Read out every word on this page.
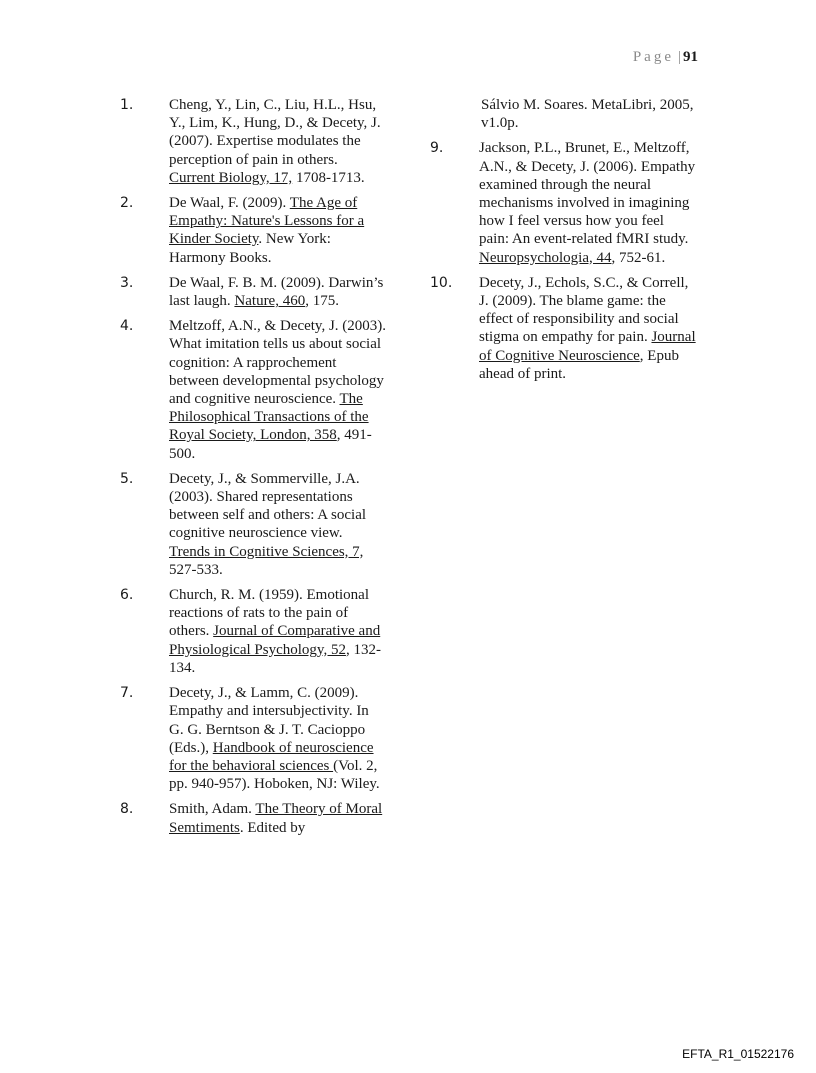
Page | 91
1. Cheng, Y., Lin, C., Liu, H.L., Hsu, Y., Lim, K., Hung, D., & Decety, J. (2007). Expertise modulates the perception of pain in others. Current Biology, 17, 1708-1713.
2. De Waal, F. (2009). The Age of Empathy: Nature's Lessons for a Kinder Society. New York: Harmony Books.
3. De Waal, F. B. M. (2009). Darwin’s last laugh. Nature, 460, 175.
4. Meltzoff, A.N., & Decety, J. (2003). What imitation tells us about social cognition: A rapprochement between developmental psychology and cognitive neuroscience. The Philosophical Transactions of the Royal Society, London, 358, 491-500.
5. Decety, J., & Sommerville, J.A. (2003). Shared representations between self and others: A social cognitive neuroscience view. Trends in Cognitive Sciences, 7, 527-533.
6. Church, R. M. (1959). Emotional reactions of rats to the pain of others. Journal of Comparative and Physiological Psychology, 52, 132-134.
7. Decety, J., & Lamm, C. (2009). Empathy and intersubjectivity. In G. G. Berntson & J. T. Cacioppo (Eds.), Handbook of neuroscience for the behavioral sciences (Vol. 2, pp. 940-957). Hoboken, NJ: Wiley.
8. Smith, Adam. The Theory of Moral Semtiments. Edited by
Sálvio M. Soares. MetaLibri, 2005, v1.0p.
9. Jackson, P.L., Brunet, E., Meltzoff, A.N., & Decety, J. (2006). Empathy examined through the neural mechanisms involved in imagining how I feel versus how you feel pain: An event-related fMRI study. Neuropsychologia, 44, 752-61.
10. Decety, J., Echols, S.C., & Correll, J. (2009). The blame game: the effect of responsibility and social stigma on empathy for pain. Journal of Cognitive Neuroscience, Epub ahead of print.
EFTA_R1_01522176
